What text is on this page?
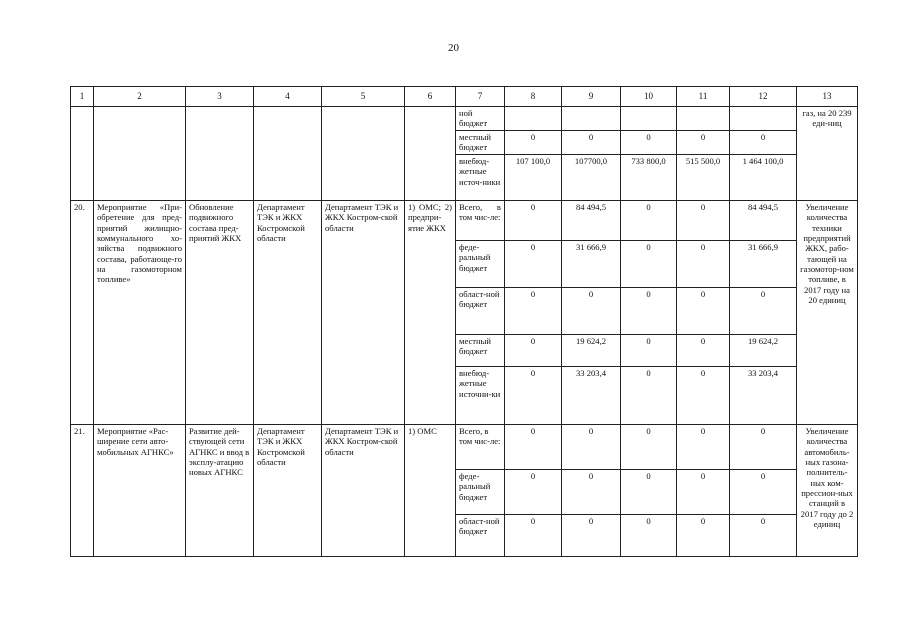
20
1	2	3	4	5	6	7	8	9	10	11	12	13
						ной бюджет						газ, на 20 239 еди-ниц
						местный бюджет	0	0	0	0	0	
						внебюд-жетные источ-ники	107 100,0	107700,0	733 800,0	515 500,0	1 464 100,0	
20.	Мероприятие «При-обретение для пред-приятий жилищно-коммунального хо-зяйства подвижного состава, работающе-го на газомоторном топливе»	Обновление подвижного состава пред-приятий ЖКХ	Департамент ТЭК и ЖКХ Костромской области	Департамент ТЭК и ЖКХ Костром-ской области	1) ОМС; 2) предпри-ятие ЖКХ	Всего, в том чис-ле:	0	84 494,5	0	0	84 494,5	Увеличение количества техники предприятий ЖКХ, рабо-тающей на газомотор-ном топливе, в 2017 году на 20 единиц
						феде-ральный бюджет	0	31 666,9	0	0	31 666,9	
						област-ной бюджет	0	0	0	0	0	
						местный бюджет	0	19 624,2	0	0	19 624,2	
						внебюд-жетные источни-ки	0	33 203,4	0	0	33 203,4	
21.	Мероприятие «Рас-ширение сети авто-мобильных АГНКС»	Развитие дей-ствующей сети АГНКС и ввод в эксплу-атацию новых АГНКС	Департамент ТЭК и ЖКХ Костромской области	Департамент ТЭК и ЖКХ Костром-ской области	1) ОМС	Всего, в том чис-ле:	0	0	0	0	0	Увеличение количества автомобиль-ных газона-полнитель-ных ком-прессион-ных станций в 2017 году до 2 единиц
						феде-ральный бюджет	0	0	0	0	0	
						област-ной бюджет	0	0	0	0	0	
